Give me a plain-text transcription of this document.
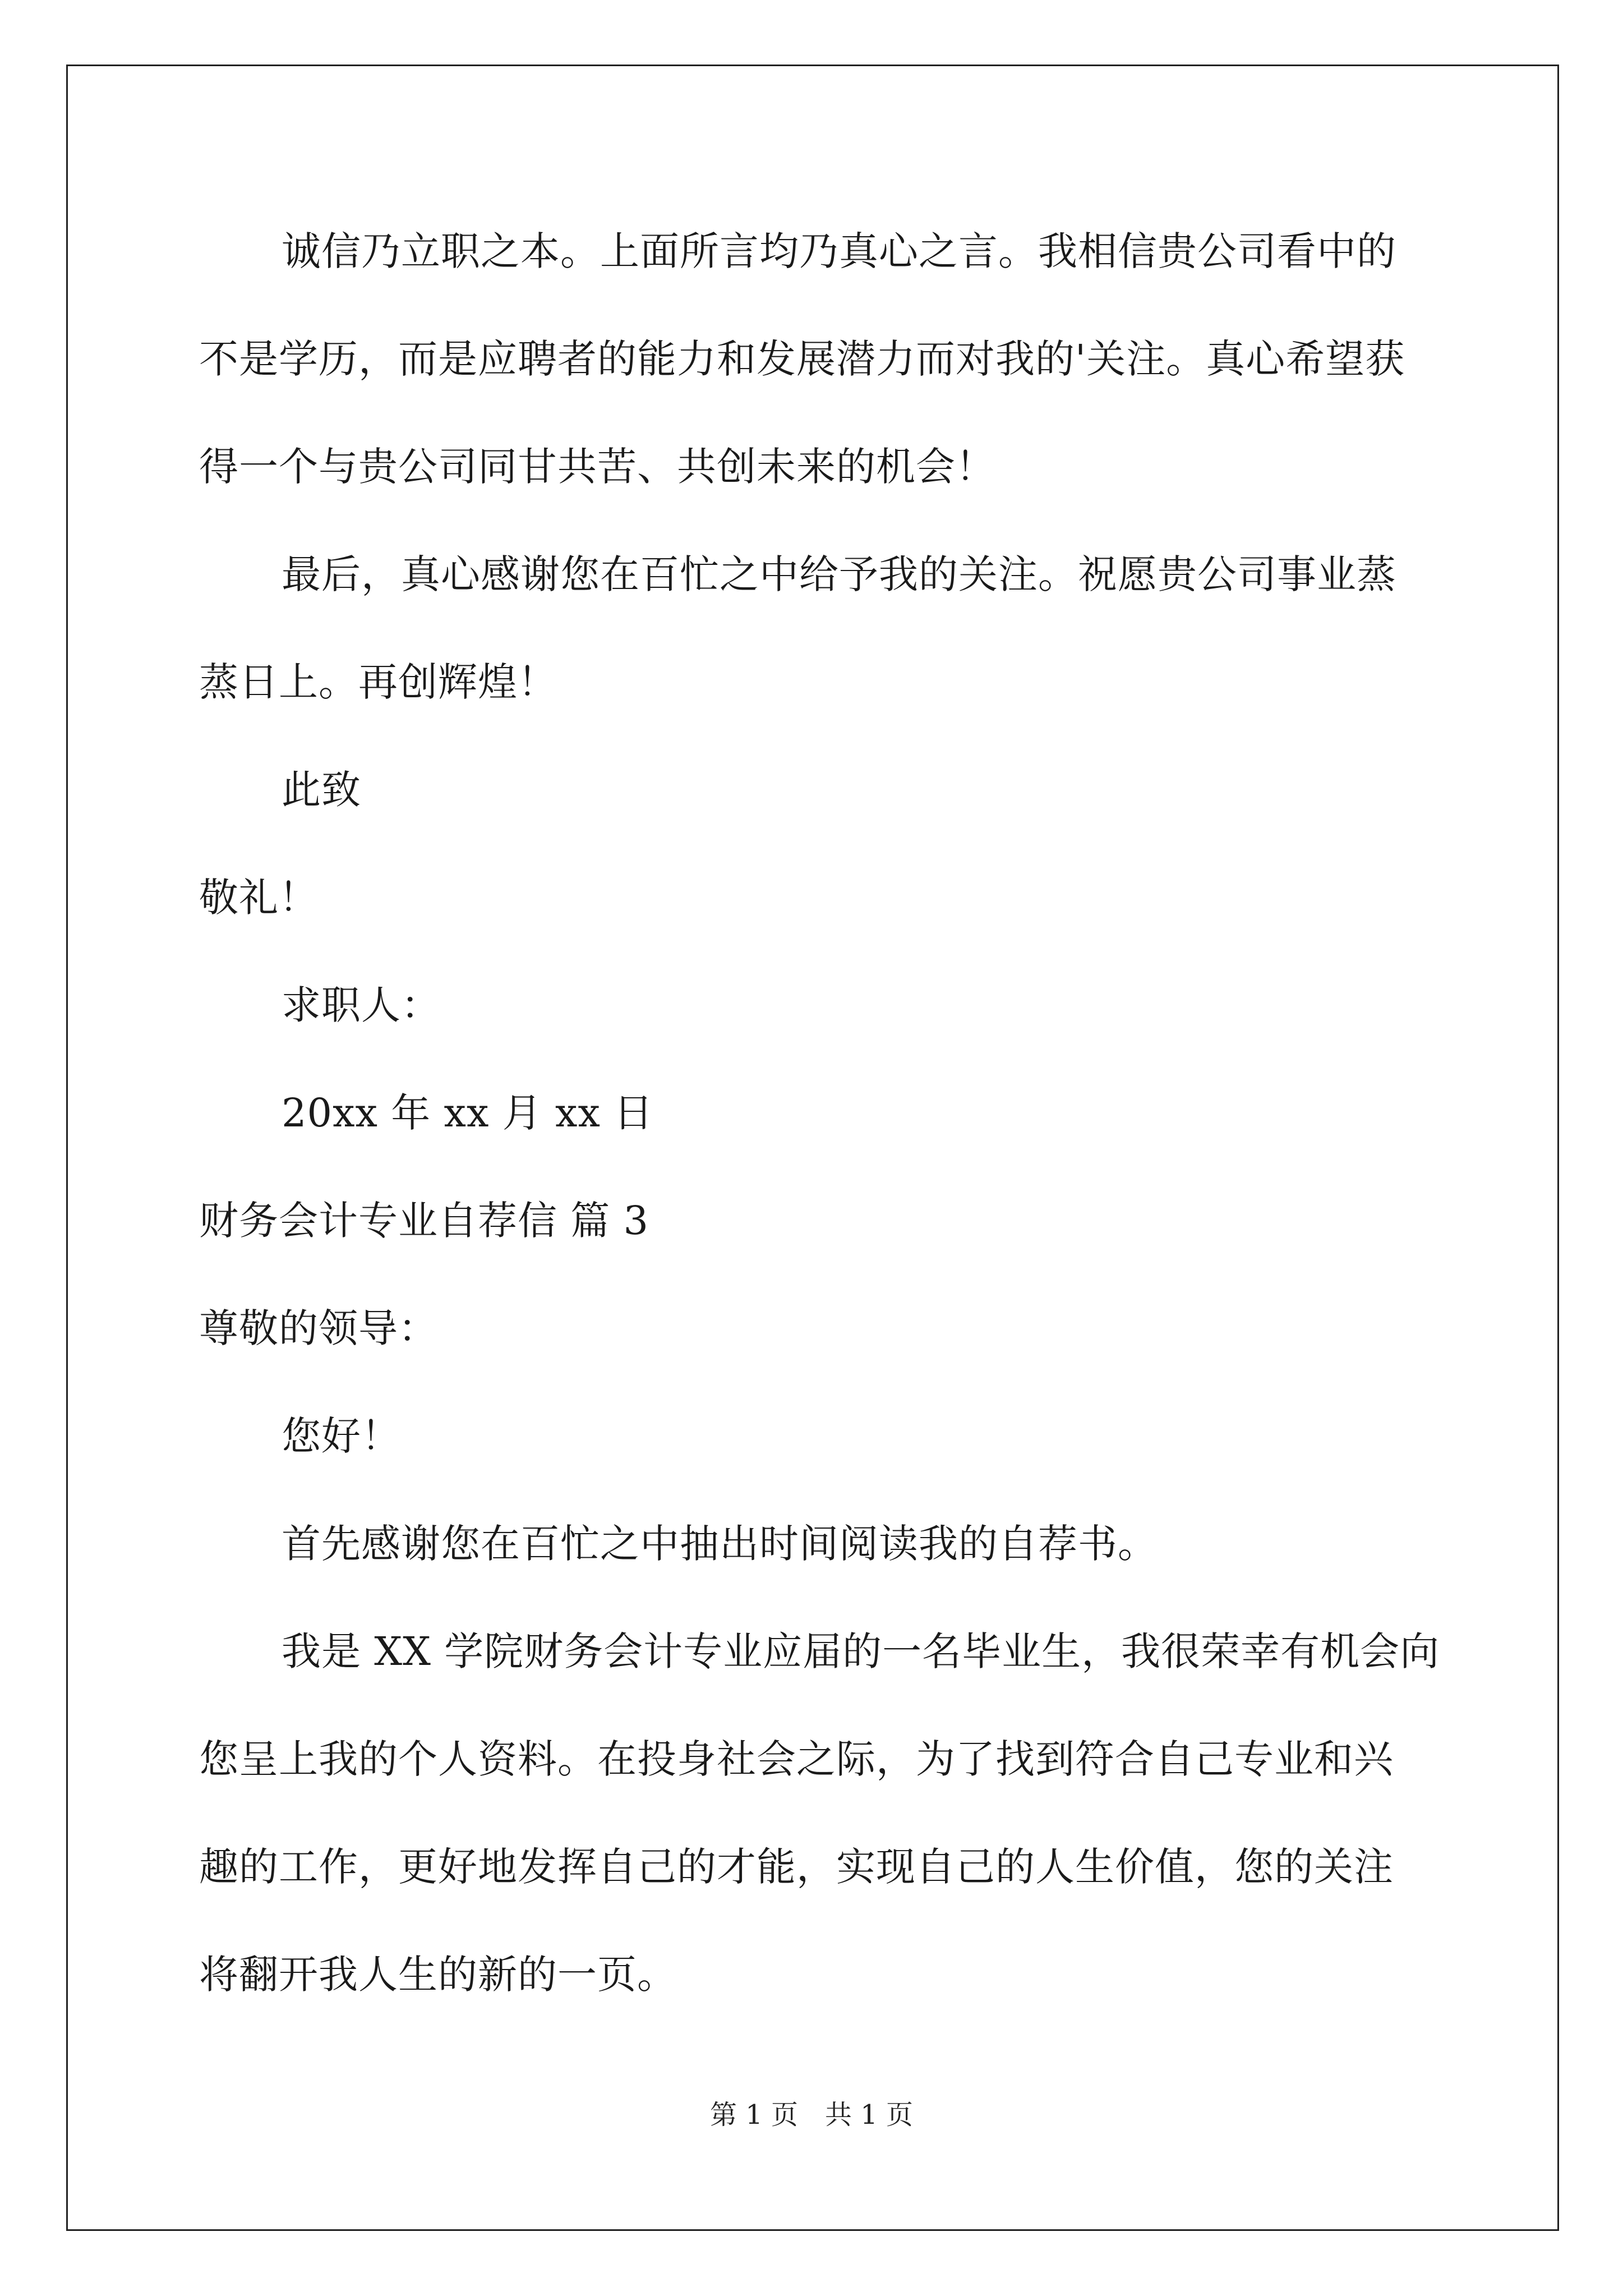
诚信乃立职之本。上面所言均乃真心之言。我相信贵公司看中的
不是学历，而是应聘者的能力和发展潜力而对我的'关注。真心希望获
得一个与贵公司同甘共苦、共创未来的机会！
最后，真心感谢您在百忙之中给予我的关注。祝愿贵公司事业蒸
蒸日上。再创辉煌！
此致
敬礼！
求职人：
20xx 年 xx 月 xx 日
财务会计专业自荐信 篇 3
尊敬的领导：
您好！
首先感谢您在百忙之中抽出时间阅读我的自荐书。
我是 XX 学院财务会计专业应届的一名毕业生，我很荣幸有机会向
您呈上我的个人资料。在投身社会之际，为了找到符合自己专业和兴
趣的工作，更好地发挥自己的才能，实现自己的人生价值，您的关注
将翻开我人生的新的一页。
第 1 页　共 1 页
